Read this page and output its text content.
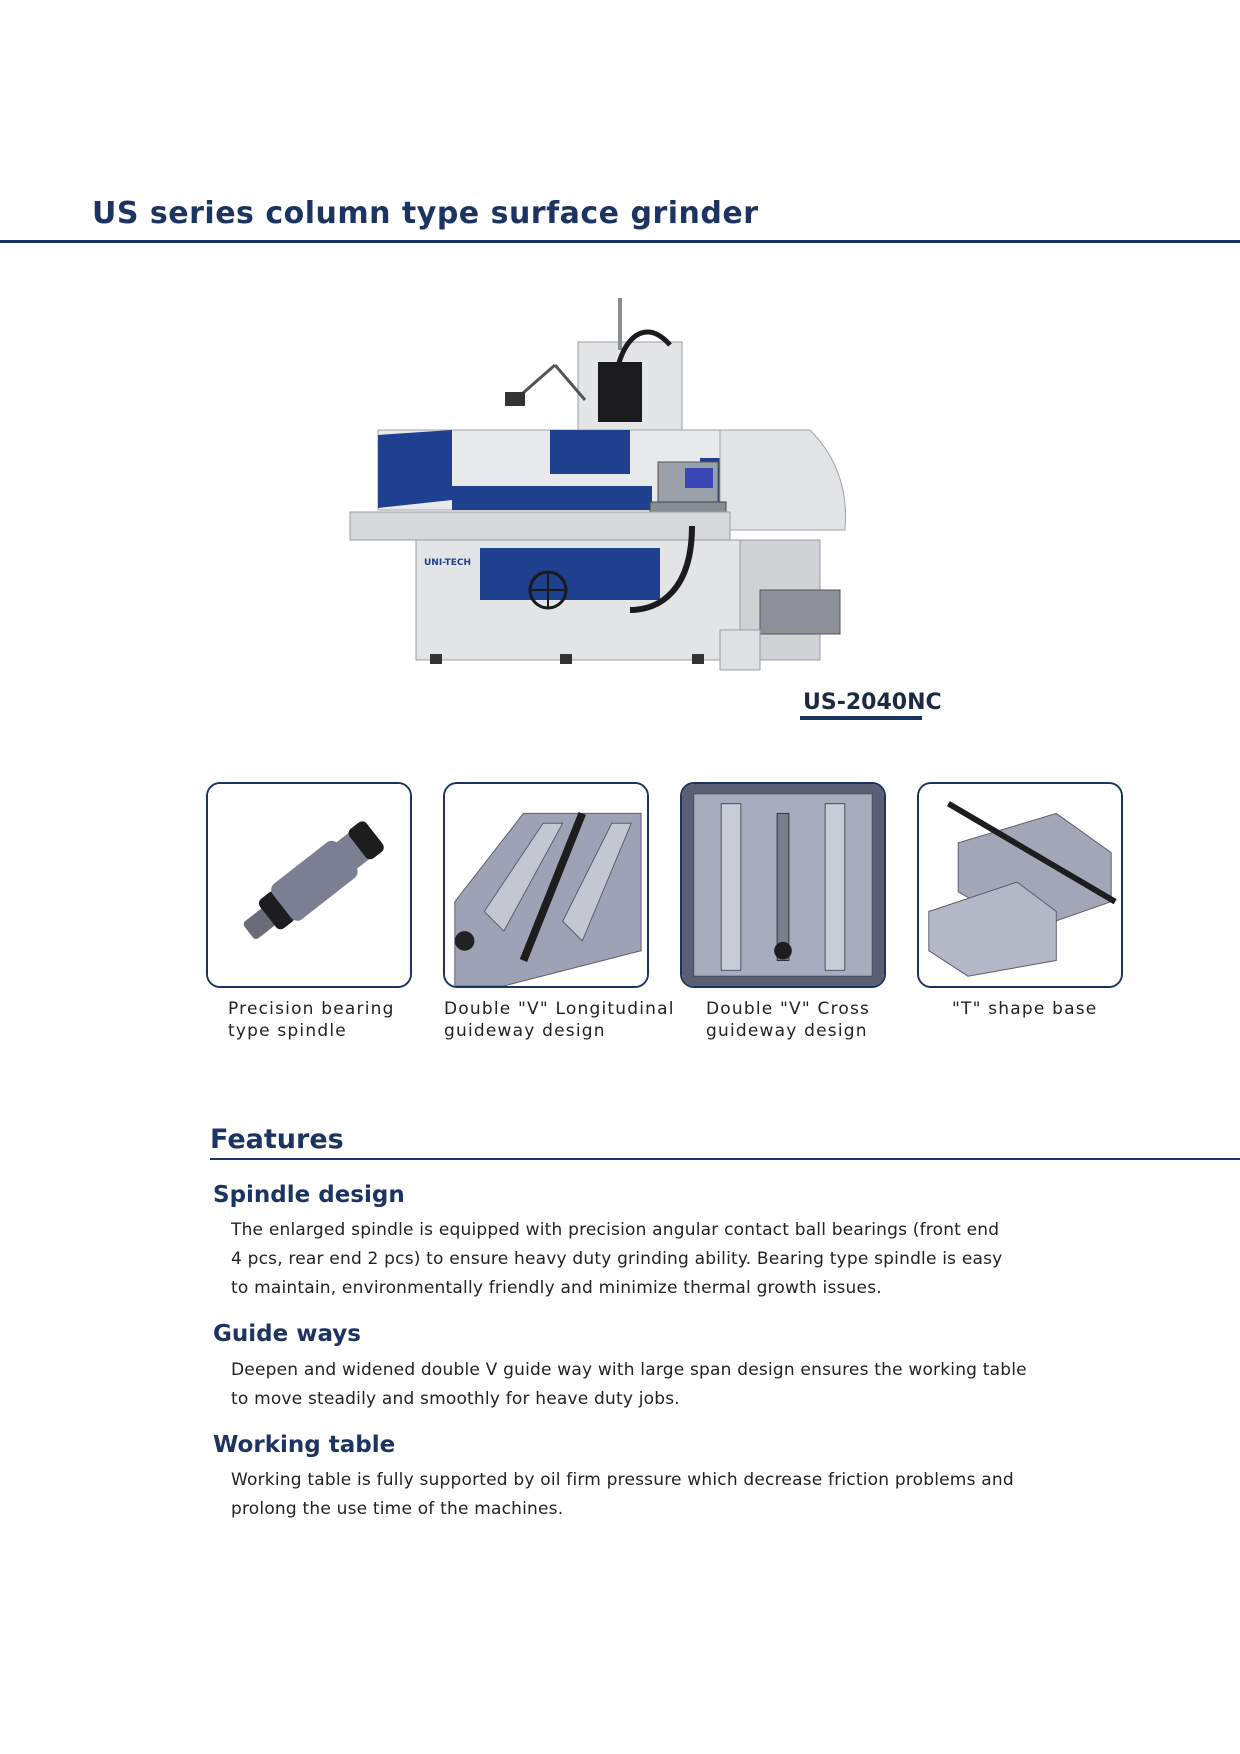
US series column type surface grinder
UNI-TECH
US-2040NC
Precision bearing
type spindle
Double "V" Longitudinal
guideway design
Double "V" Cross
guideway design
"T" shape base
Features
Spindle design

The enlarged spindle is equipped with precision angular contact ball bearings (front end
4 pcs, rear end 2 pcs) to ensure heavy duty grinding ability. Bearing type spindle is easy
to maintain, environmentally friendly and minimize thermal growth issues.

Guide ways

Deepen and widened double V guide way with large span design ensures the working table
to move steadily and smoothly for heave duty jobs.

Working table

Working table is fully supported by oil firm pressure which decrease friction problems and
prolong the use time of the machines.
